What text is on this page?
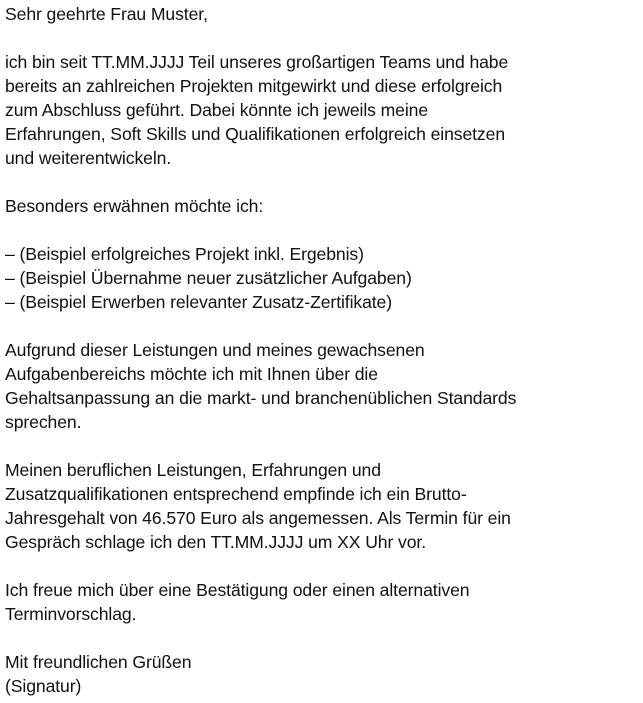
Sehr geehrte Frau Muster,
ich bin seit TT.MM.JJJJ Teil unseres großartigen Teams und habe
bereits an zahlreichen Projekten mitgewirkt und diese erfolgreich
zum Abschluss geführt. Dabei könnte ich jeweils meine
Erfahrungen, Soft Skills und Qualifikationen erfolgreich einsetzen
und weiterentwickeln.
Besonders erwähnen möchte ich:
– (Beispiel erfolgreiches Projekt inkl. Ergebnis)
– (Beispiel Übernahme neuer zusätzlicher Aufgaben)
– (Beispiel Erwerben relevanter Zusatz-Zertifikate)
Aufgrund dieser Leistungen und meines gewachsenen
Aufgabenbereichs möchte ich mit Ihnen über die
Gehaltsanpassung an die markt- und branchenüblichen Standards
sprechen.
Meinen beruflichen Leistungen, Erfahrungen und
Zusatzqualifikationen entsprechend empfinde ich ein Brutto-
Jahresgehalt von 46.570 Euro als angemessen. Als Termin für ein
Gespräch schlage ich den TT.MM.JJJJ um XX Uhr vor.
Ich freue mich über eine Bestätigung oder einen alternativen
Terminvorschlag.
Mit freundlichen Grüßen
(Signatur)
